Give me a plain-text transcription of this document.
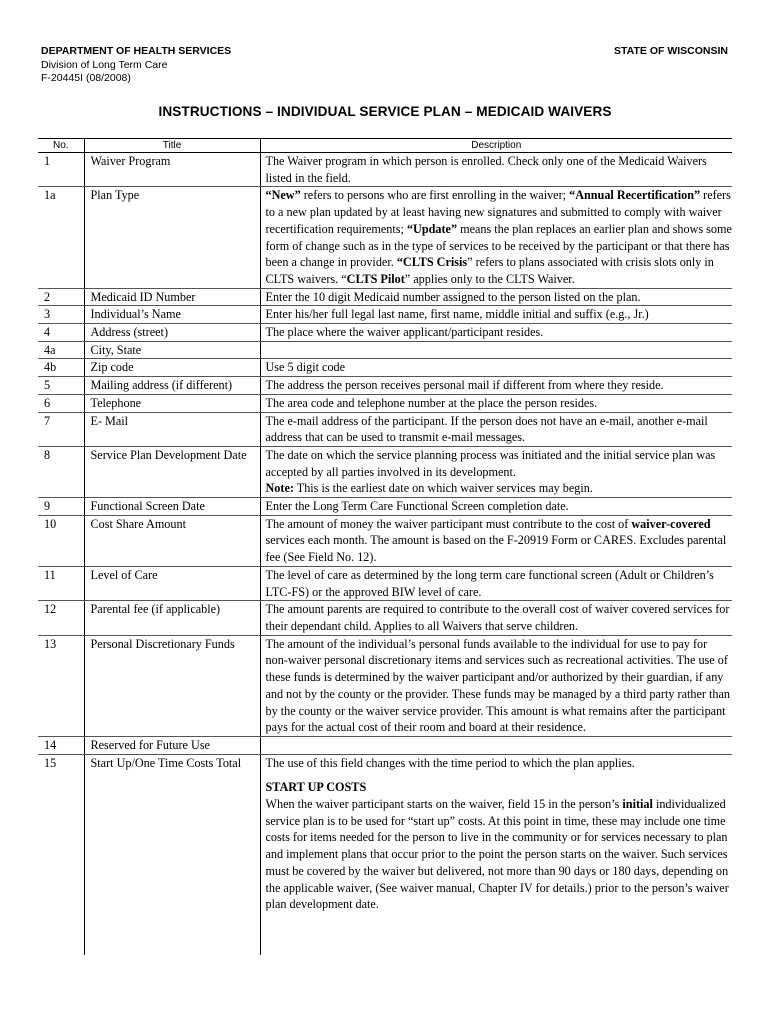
DEPARTMENT OF HEALTH SERVICES
Division of Long Term Care
F-20445I (08/2008)
STATE OF WISCONSIN
INSTRUCTIONS – INDIVIDUAL SERVICE PLAN – MEDICAID WAIVERS
No.	Title	Description
1	Waiver Program	The Waiver program in which person is enrolled. Check only one of the Medicaid Waivers listed in the field.

1a	Plan Type	“New” refers to persons who are first enrolling in the waiver; “Annual Recertification” refers to a new plan updated by at least having new signatures and submitted to comply with waiver recertification requirements; “Update” means the plan replaces an earlier plan and shows some form of change such as in the type of services to be received by the participant or that there has been a change in provider. “CLTS Crisis” refers to plans associated with crisis slots only in CLTS waivers. “CLTS Pilot” applies only to the CLTS Waiver.

2	Medicaid ID Number	Enter the 10 digit Medicaid number assigned to the person listed on the plan.

3	Individual’s Name	Enter his/her full legal last name, first name, middle initial and suffix (e.g., Jr.)

4	Address (street)	The place where the waiver applicant/participant resides.

4a	City, State	
4b	Zip code	Use 5 digit code

5	Mailing address (if different)	The address the person receives personal mail if different from where they reside.

6	Telephone	The area code and telephone number at the place the person resides.

7	E- Mail	The e-mail address of the participant. If the person does not have an e-mail, another e-mail address that can be used to transmit e-mail messages.

8	Service Plan Development Date	The date on which the service planning process was initiated and the initial service plan was accepted by all parties involved in its development.
Note: This is the earliest date on which waiver services may begin.

9	Functional Screen Date	Enter the Long Term Care Functional Screen completion date.

10	Cost Share Amount	The amount of money the waiver participant must contribute to the cost of waiver-covered services each month. The amount is based on the F-20919 Form or CARES. Excludes parental fee (See Field No. 12).

11	Level of Care	The level of care as determined by the long term care functional screen (Adult or Children’s LTC-FS) or the approved BIW level of care.

12	Parental fee (if applicable)	The amount parents are required to contribute to the overall cost of waiver covered services for their dependant child. Applies to all Waivers that serve children.

13	Personal Discretionary Funds	The amount of the individual’s personal funds available to the individual for use to pay for non-waiver personal discretionary items and services such as recreational activities. The use of these funds is determined by the waiver participant and/or authorized by their guardian, if any and not by the county or the provider. These funds may be managed by a third party rather than by the county or the waiver service provider. This amount is what remains after the participant pays for the actual cost of their room and board at their residence.

14	Reserved for Future Use	
15	Start Up/One Time Costs Total	The use of this field changes with the time period to which the plan applies.
START UP COSTS
When the waiver participant starts on the waiver, field 15 in the person’s initial individualized service plan is to be used for “start up” costs. At this point in time, these may include one time costs for items needed for the person to live in the community or for services necessary to plan and implement plans that occur prior to the point the person starts on the waiver. Such services must be covered by the waiver but delivered, not more than 90 days or 180 days, depending on the applicable waiver, (See waiver manual, Chapter IV for details.) prior to the person’s waiver plan development date.
